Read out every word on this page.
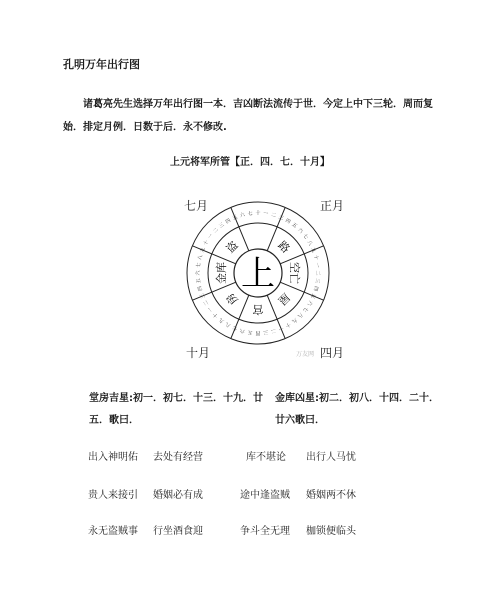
孔明万年出行图
诸葛亮先生选择万年出行图一本．吉凶断法流传于世．今定上中下三轮．周而复始．排定月例．日数于后．永不修改.
上元将军所管【正．四．七．十月】
七月	正月
十月	四月
十 一 二 三 四
五
六
七
八
九
十
一
二
三
四
五
六
七
八
九
十
一
二
三
四
五
六
七
八
九
十
一
二
三
四
五
六
七
八
九
十
一
二
三
四 五 六 七
路
空亡
屋
宫
房
金库
盗
上
万友网
堂房吉星:初一．初七．十三．十九．廿五．歌曰．
金库凶星:初二．初八．十四．二十．廿六歌曰．
出入神明佑 去处有经营	库不堪论 出行人马忧
贵人来接引 婚姻必有成	途中逢盗贼 婚姻两不休
永无盗贼事 行坐酒食迎	争斗全无理 枷锁便临头
